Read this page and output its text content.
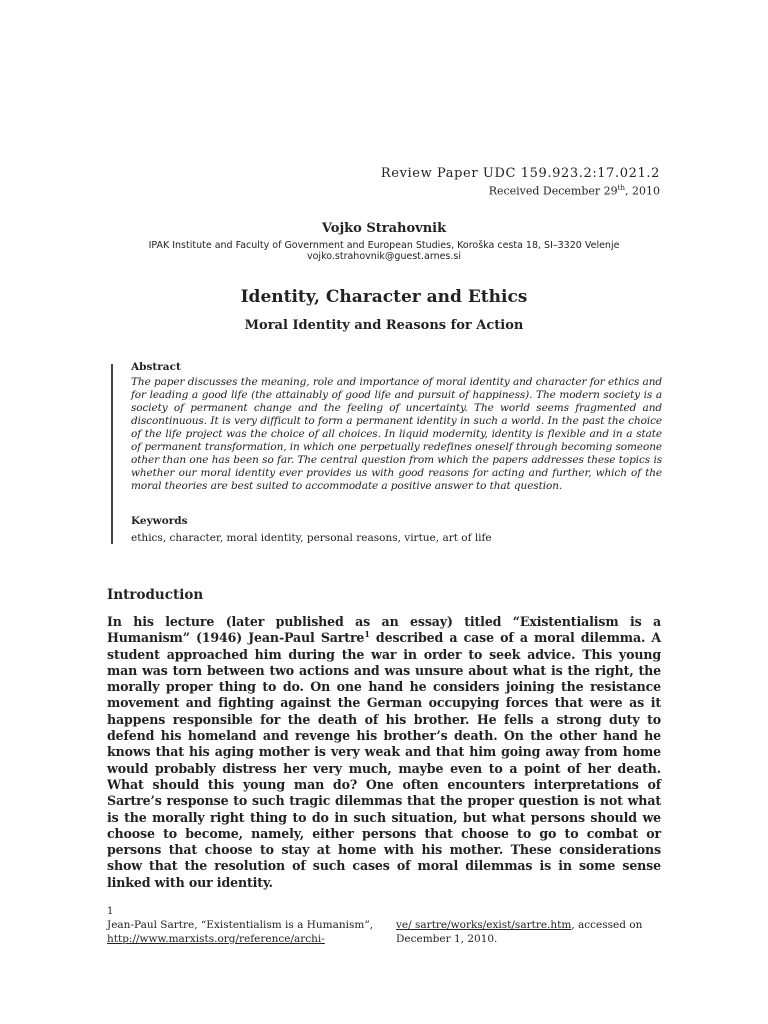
Review Paper UDC 159.923.2:17.021.2
Received December 29th, 2010
Vojko Strahovnik
IPAK Institute and Faculty of Government and European Studies, Koroška cesta 18, SI–3320 Velenje
vojko.strahovnik@guest.arnes.si
Identity, Character and Ethics
Moral Identity and Reasons for Action
Abstract
The paper discusses the meaning, role and importance of moral identity and character for ethics and for leading a good life (the attainably of good life and pursuit of happiness). The modern society is a society of permanent change and the feeling of uncertainty. The world seems fragmented and discontinuous. It is very difficult to form a permanent identity in such a world. In the past the choice of the life project was the choice of all choices. In liquid modernity, identity is flexible and in a state of permanent transformation, in which one perpetually redefines oneself through becoming someone other than one has been so far. The central question from which the papers addresses these topics is whether our moral identity ever provides us with good reasons for acting and further, which of the moral theories are best suited to accommodate a positive answer to that question.
Keywords
ethics, character, moral identity, personal reasons, virtue, art of life
Introduction
In his lecture (later published as an essay) titled “Existentialism is a Humanism” (1946) Jean-Paul Sartre$^1$ described a case of a moral dilemma. A student approached him during the war in order to seek advice. This young man was torn between two actions and was unsure about what is the right, the morally proper thing to do. On one hand he considers joining the resistance movement and fighting against the German occupying forces that were as it happens responsible for the death of his brother. He fells a strong duty to defend his homeland and revenge his brother’s death. On the other hand he knows that his aging mother is very weak and that him going away from home would probably distress her very much, maybe even to a point of her death. What should this young man do? One often encounters interpretations of Sartre’s response to such tragic dilemmas that the proper question is not what is the morally right thing to do in such situation, but what persons should we choose to become, namely, either persons that choose to go to combat or persons that choose to stay at home with his mother. These considerations show that the resolution of such cases of moral dilemmas is in some sense linked with our identity.
1
Jean-Paul Sartre, “Existentialism is a Humanism”, http://www.marxists.org/reference/archi-
ve/ sartre/works/exist/sartre.htm, accessed on December 1, 2010.
